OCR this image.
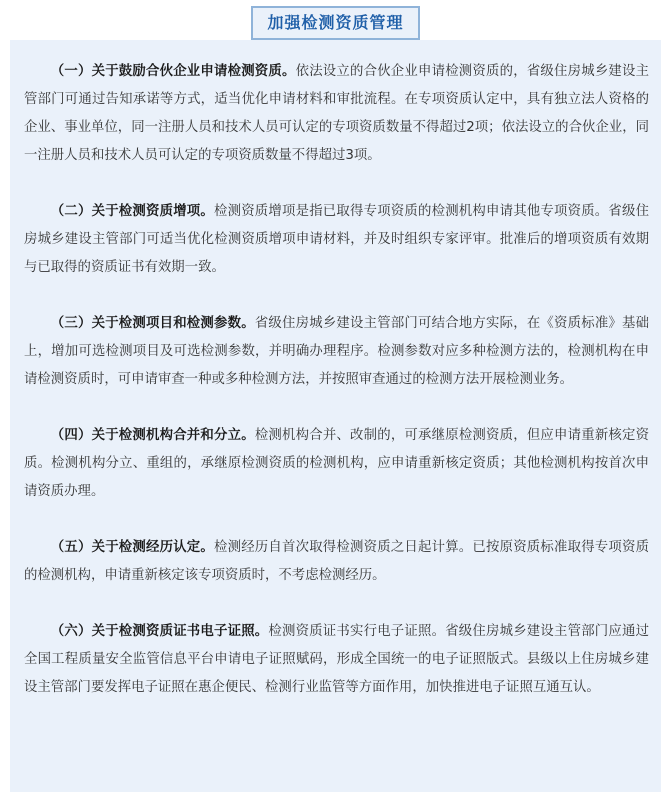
加强检测资质管理

（一）关于鼓励合伙企业申请检测资质。依法设立的合伙企业申请检测资质的，省级住房城乡建设主管部门可通过告知承诺等方式，适当优化申请材料和审批流程。在专项资质认定中，具有独立法人资格的企业、事业单位，同一注册人员和技术人员可认定的专项资质数量不得超过2项；依法设立的合伙企业，同一注册人员和技术人员可认定的专项资质数量不得超过3项。

（二）关于检测资质增项。检测资质增项是指已取得专项资质的检测机构申请其他专项资质。省级住房城乡建设主管部门可适当优化检测资质增项申请材料，并及时组织专家评审。批准后的增项资质有效期与已取得的资质证书有效期一致。

（三）关于检测项目和检测参数。省级住房城乡建设主管部门可结合地方实际，在《资质标准》基础上，增加可选检测项目及可选检测参数，并明确办理程序。检测参数对应多种检测方法的，检测机构在申请检测资质时，可申请审查一种或多种检测方法，并按照审查通过的检测方法开展检测业务。

（四）关于检测机构合并和分立。检测机构合并、改制的，可承继原检测资质，但应申请重新核定资质。检测机构分立、重组的，承继原检测资质的检测机构，应申请重新核定资质；其他检测机构按首次申请资质办理。

（五）关于检测经历认定。检测经历自首次取得检测资质之日起计算。已按原资质标准取得专项资质的检测机构，申请重新核定该专项资质时，不考虑检测经历。

（六）关于检测资质证书电子证照。检测资质证书实行电子证照。省级住房城乡建设主管部门应通过全国工程质量安全监管信息平台申请电子证照赋码，形成全国统一的电子证照版式。县级以上住房城乡建设主管部门要发挥电子证照在惠企便民、检测行业监管等方面作用，加快推进电子证照互通互认。
